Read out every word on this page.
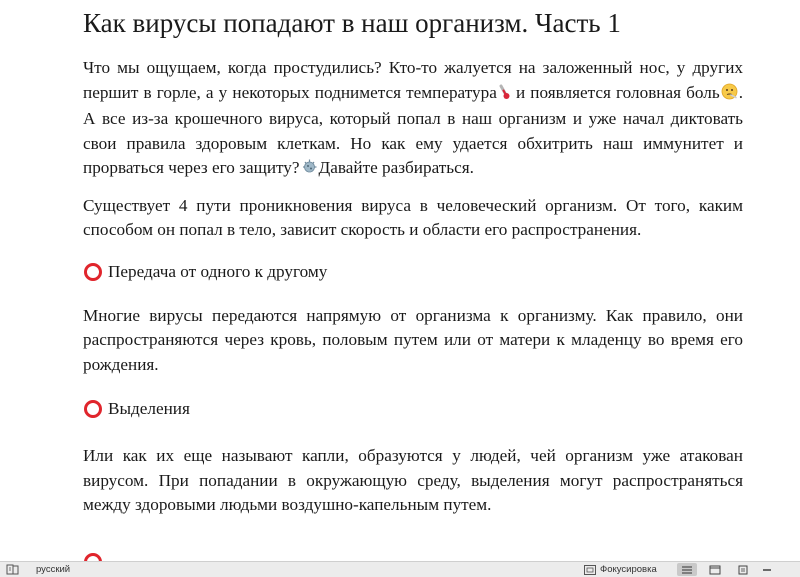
Как вирусы попадают в наш организм. Часть 1

Что мы ощущаем, когда простудились? Кто-то жалуется на заложенный нос, у других першит в горле, а у некоторых поднимется температура и появляется головная боль . А все из-за крошечного вируса, который попал в наш организм и уже начал диктовать свои правила здоровым клеткам. Но как ему удается обхитрить наш иммунитет и прорваться через его защиту? Давайте разбираться.

Существует 4 пути проникновения вируса в человеческий организм. От того, каким способом он попал в тело, зависит скорость и области его распространения.

Передача от одного к другому

Многие вирусы передаются напрямую от организма к организму. Как правило, они распространяются через кровь, половым путем или от матери к младенцу во время его рождения.

Выделения

Или как их еще называют капли, образуются у людей, чей организм уже атакован вирусом. При попадании в окружающую среду, выделения могут распространяться между здоровыми людьми воздушно-капельным путем.

русский	Фокусировка
